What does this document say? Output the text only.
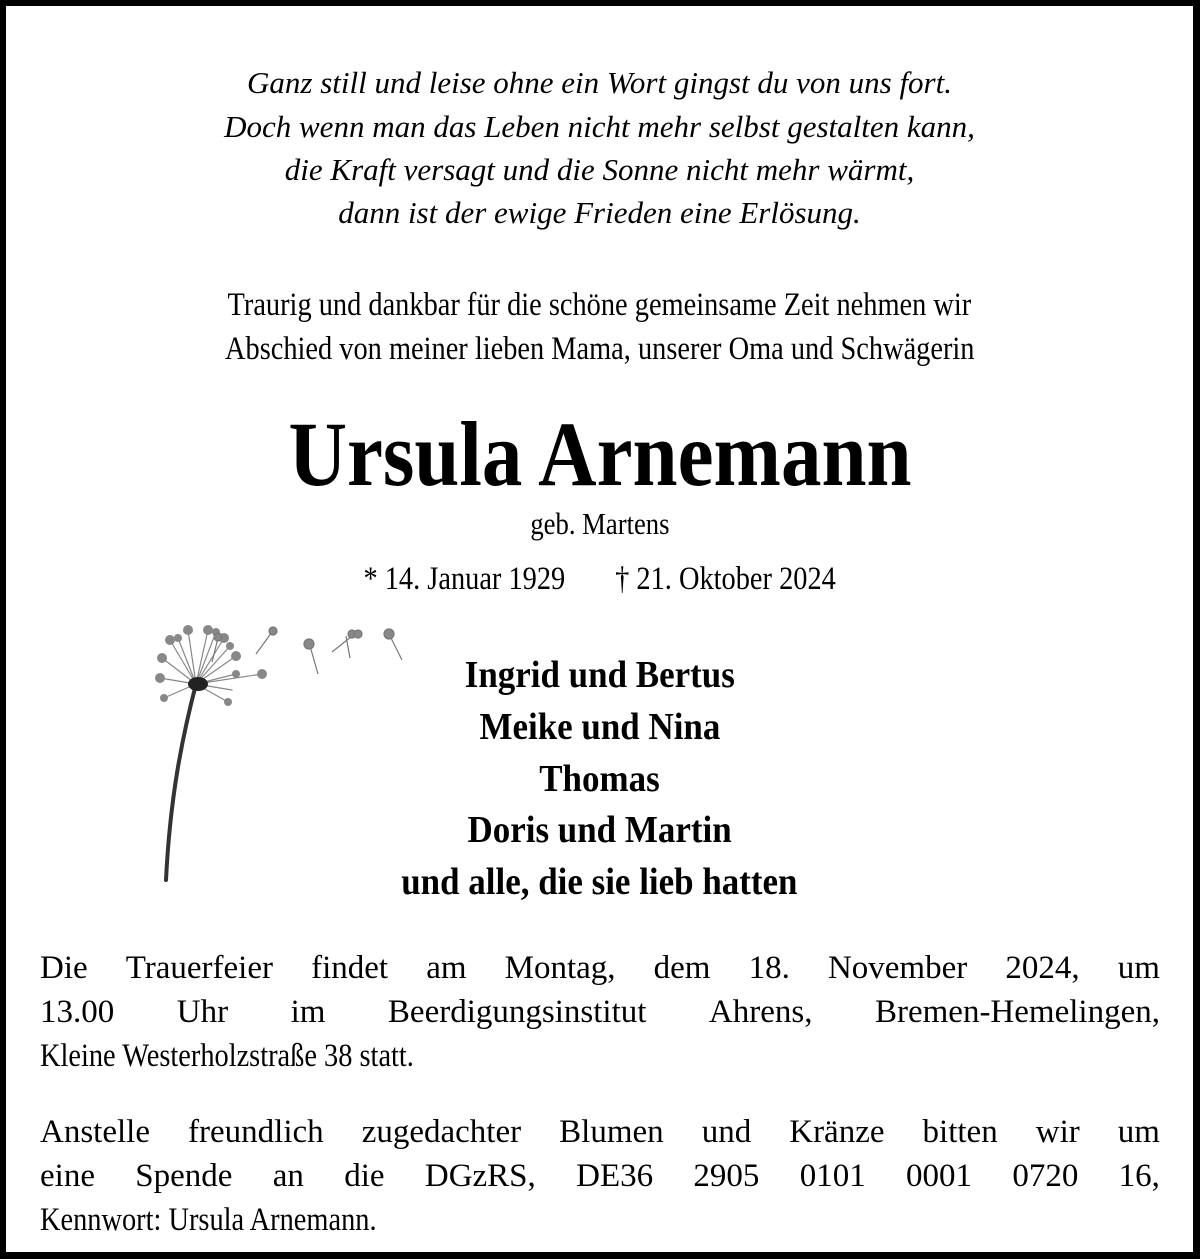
Ganz still und leise ohne ein Wort gingst du von uns fort.
Doch wenn man das Leben nicht mehr selbst gestalten kann,
die Kraft versagt und die Sonne nicht mehr wärmt,
dann ist der ewige Frieden eine Erlösung.
Traurig und dankbar für die schöne gemeinsame Zeit nehmen wir
Abschied von meiner lieben Mama, unserer Oma und Schwägerin
Ursula Arnemann
geb. Martens
* 14. Januar 1929 † 21. Oktober 2024
Ingrid und Bertus
Meike und Nina
Thomas
Doris und Martin
und alle, die sie lieb hatten
Die Trauerfeier findet am Montag, dem 18. November 2024, um
13.00 Uhr im Beerdigungsinstitut Ahrens, Bremen-Hemelingen,
Kleine Westerholzstraße 38 statt.
Anstelle freundlich zugedachter Blumen und Kränze bitten wir um
eine Spende an die DGzRS, DE36 2905 0101 0001 0720 16,
Kennwort: Ursula Arnemann.
